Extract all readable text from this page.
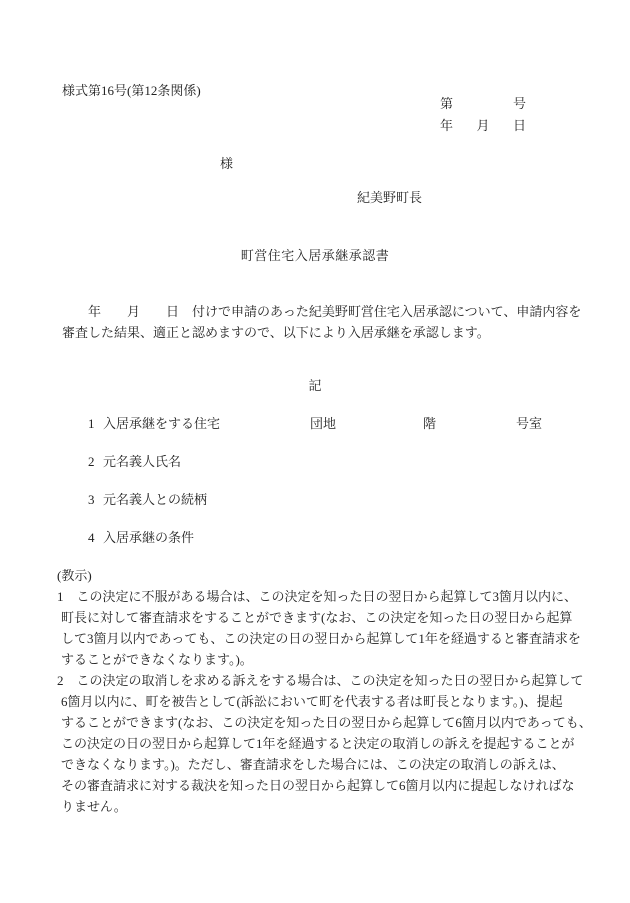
様式第16号(第12条関係)
第	号
年 月 日
様
紀美野町長
町営住宅入居承継承認書
　　年　　月　　日　付けで申請のあった紀美野町営住宅入居承認について、申請内容を
審査した結果、適正と認めますので、以下により入居承継を承認します。
記
1 入居承継をする住宅	団地	階	号室
2 元名義人氏名
3 元名義人との続柄
4 入居承継の条件
(教示)
1　この決定に不服がある場合は、この決定を知った日の翌日から起算して3箇月以内に、
町長に対して審査請求をすることができます(なお、この決定を知った日の翌日から起算
して3箇月以内であっても、この決定の日の翌日から起算して1年を経過すると審査請求を
することができなくなります。)。
2　この決定の取消しを求める訴えをする場合は、この決定を知った日の翌日から起算して
6箇月以内に、町を被告として(訴訟において町を代表する者は町長となります。)、提起
することができます(なお、この決定を知った日の翌日から起算して6箇月以内であっても、
この決定の日の翌日から起算して1年を経過すると決定の取消しの訴えを提起することが
できなくなります。)。ただし、審査請求をした場合には、この決定の取消しの訴えは、
その審査請求に対する裁決を知った日の翌日から起算して6箇月以内に提起しなければな
りません。
